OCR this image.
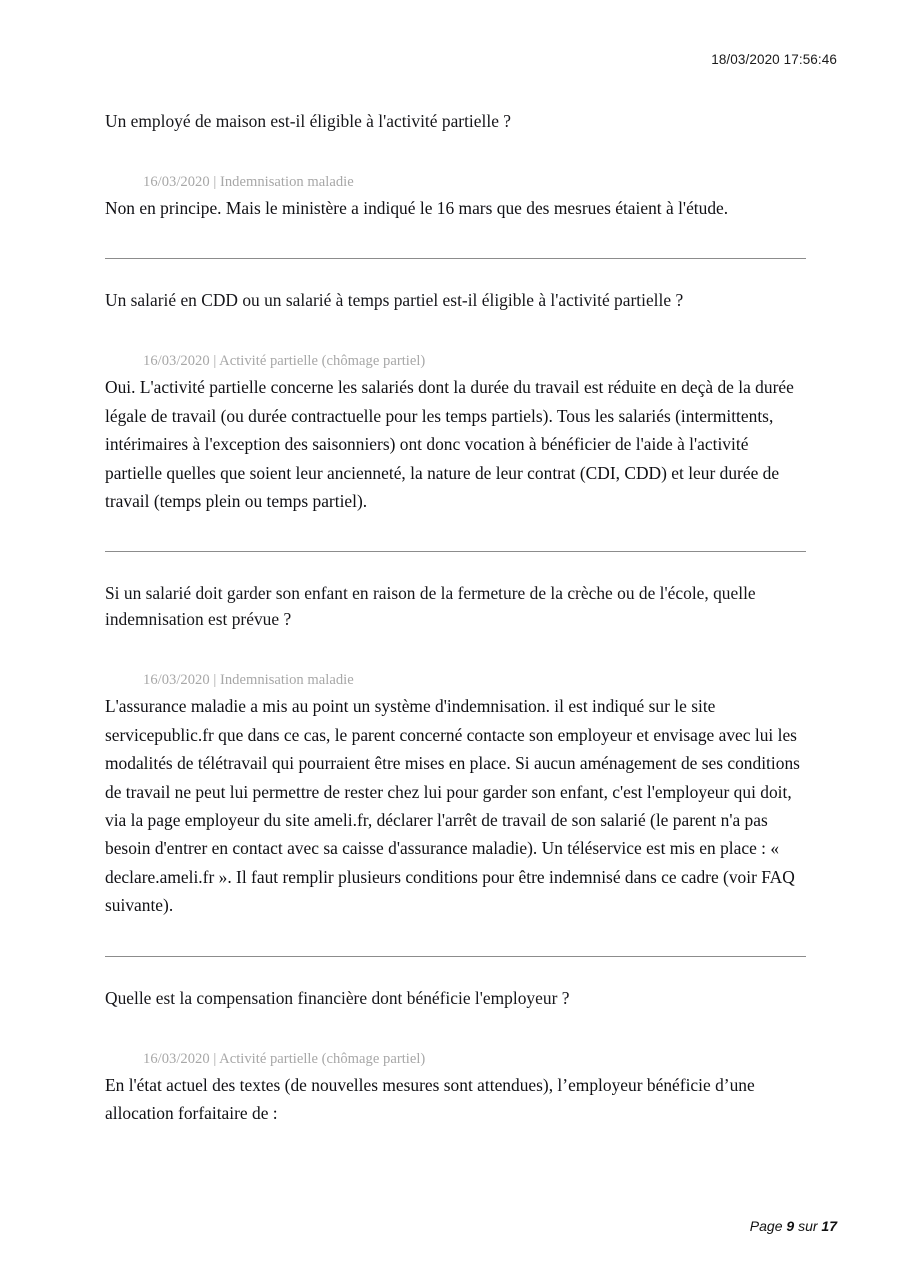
18/03/2020 17:56:46

Un employé de maison est-il éligible à l'activité partielle ?

16/03/2020 | Indemnisation maladie

Non en principe. Mais le ministère a indiqué le 16 mars que des mesrues étaient à l'étude.

Un salarié en CDD ou un salarié à temps partiel est-il éligible à l'activité partielle ?

16/03/2020 | Activité partielle (chômage partiel)

Oui. L'activité partielle concerne les salariés dont la durée du travail est réduite en deçà de la durée légale de travail (ou durée contractuelle pour les temps partiels). Tous les salariés (intermittents, intérimaires à l'exception des saisonniers) ont donc vocation à bénéficier de l'aide à l'activité partielle quelles que soient leur ancienneté, la nature de leur contrat (CDI, CDD) et leur durée de travail (temps plein ou temps partiel).

Si un salarié doit garder son enfant en raison de la fermeture de la crèche ou de l'école, quelle indemnisation est prévue ?

16/03/2020 | Indemnisation maladie

L'assurance maladie a mis au point un système d'indemnisation. il est indiqué sur le site servicepublic.fr que dans ce cas, le parent concerné contacte son employeur et envisage avec lui les modalités de télétravail qui pourraient être mises en place. Si aucun aménagement de ses conditions de travail ne peut lui permettre de rester chez lui pour garder son enfant, c'est l'employeur qui doit, via la page employeur du site ameli.fr, déclarer l'arrêt de travail de son salarié (le parent n'a pas besoin d'entrer en contact avec sa caisse d'assurance maladie). Un téléservice est mis en place : « declare.ameli.fr ». Il faut remplir plusieurs conditions pour être indemnisé dans ce cadre (voir FAQ suivante).

Quelle est la compensation financière dont bénéficie l'employeur ?

16/03/2020 | Activité partielle (chômage partiel)

En l'état actuel des textes (de nouvelles mesures sont attendues), l’employeur bénéficie d’une allocation forfaitaire de :

Page 9 sur 17
